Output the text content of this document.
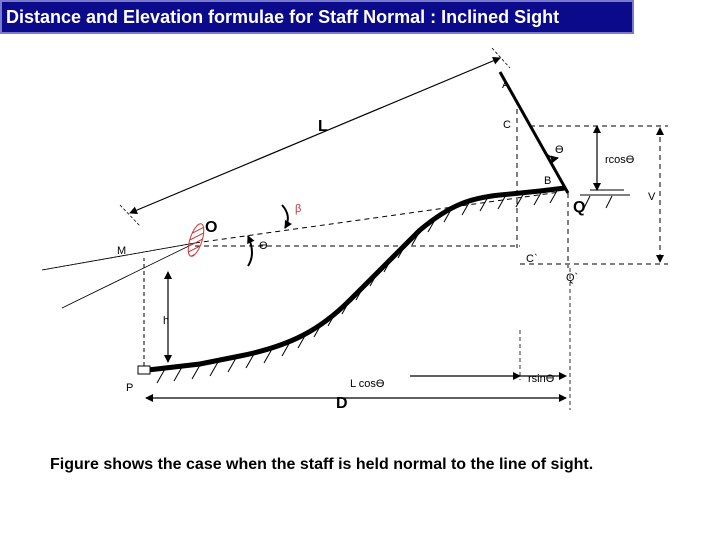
Distance and Elevation formulae for Staff Normal : Inclined Sight
A
C
L
ϴ
rcosϴ
B
Q
V
β
O
ϴ
M
C`
Q`
h
P	L cosϴ
D
rsinϴ
Figure shows the case when the staff is held normal to the line of sight.
